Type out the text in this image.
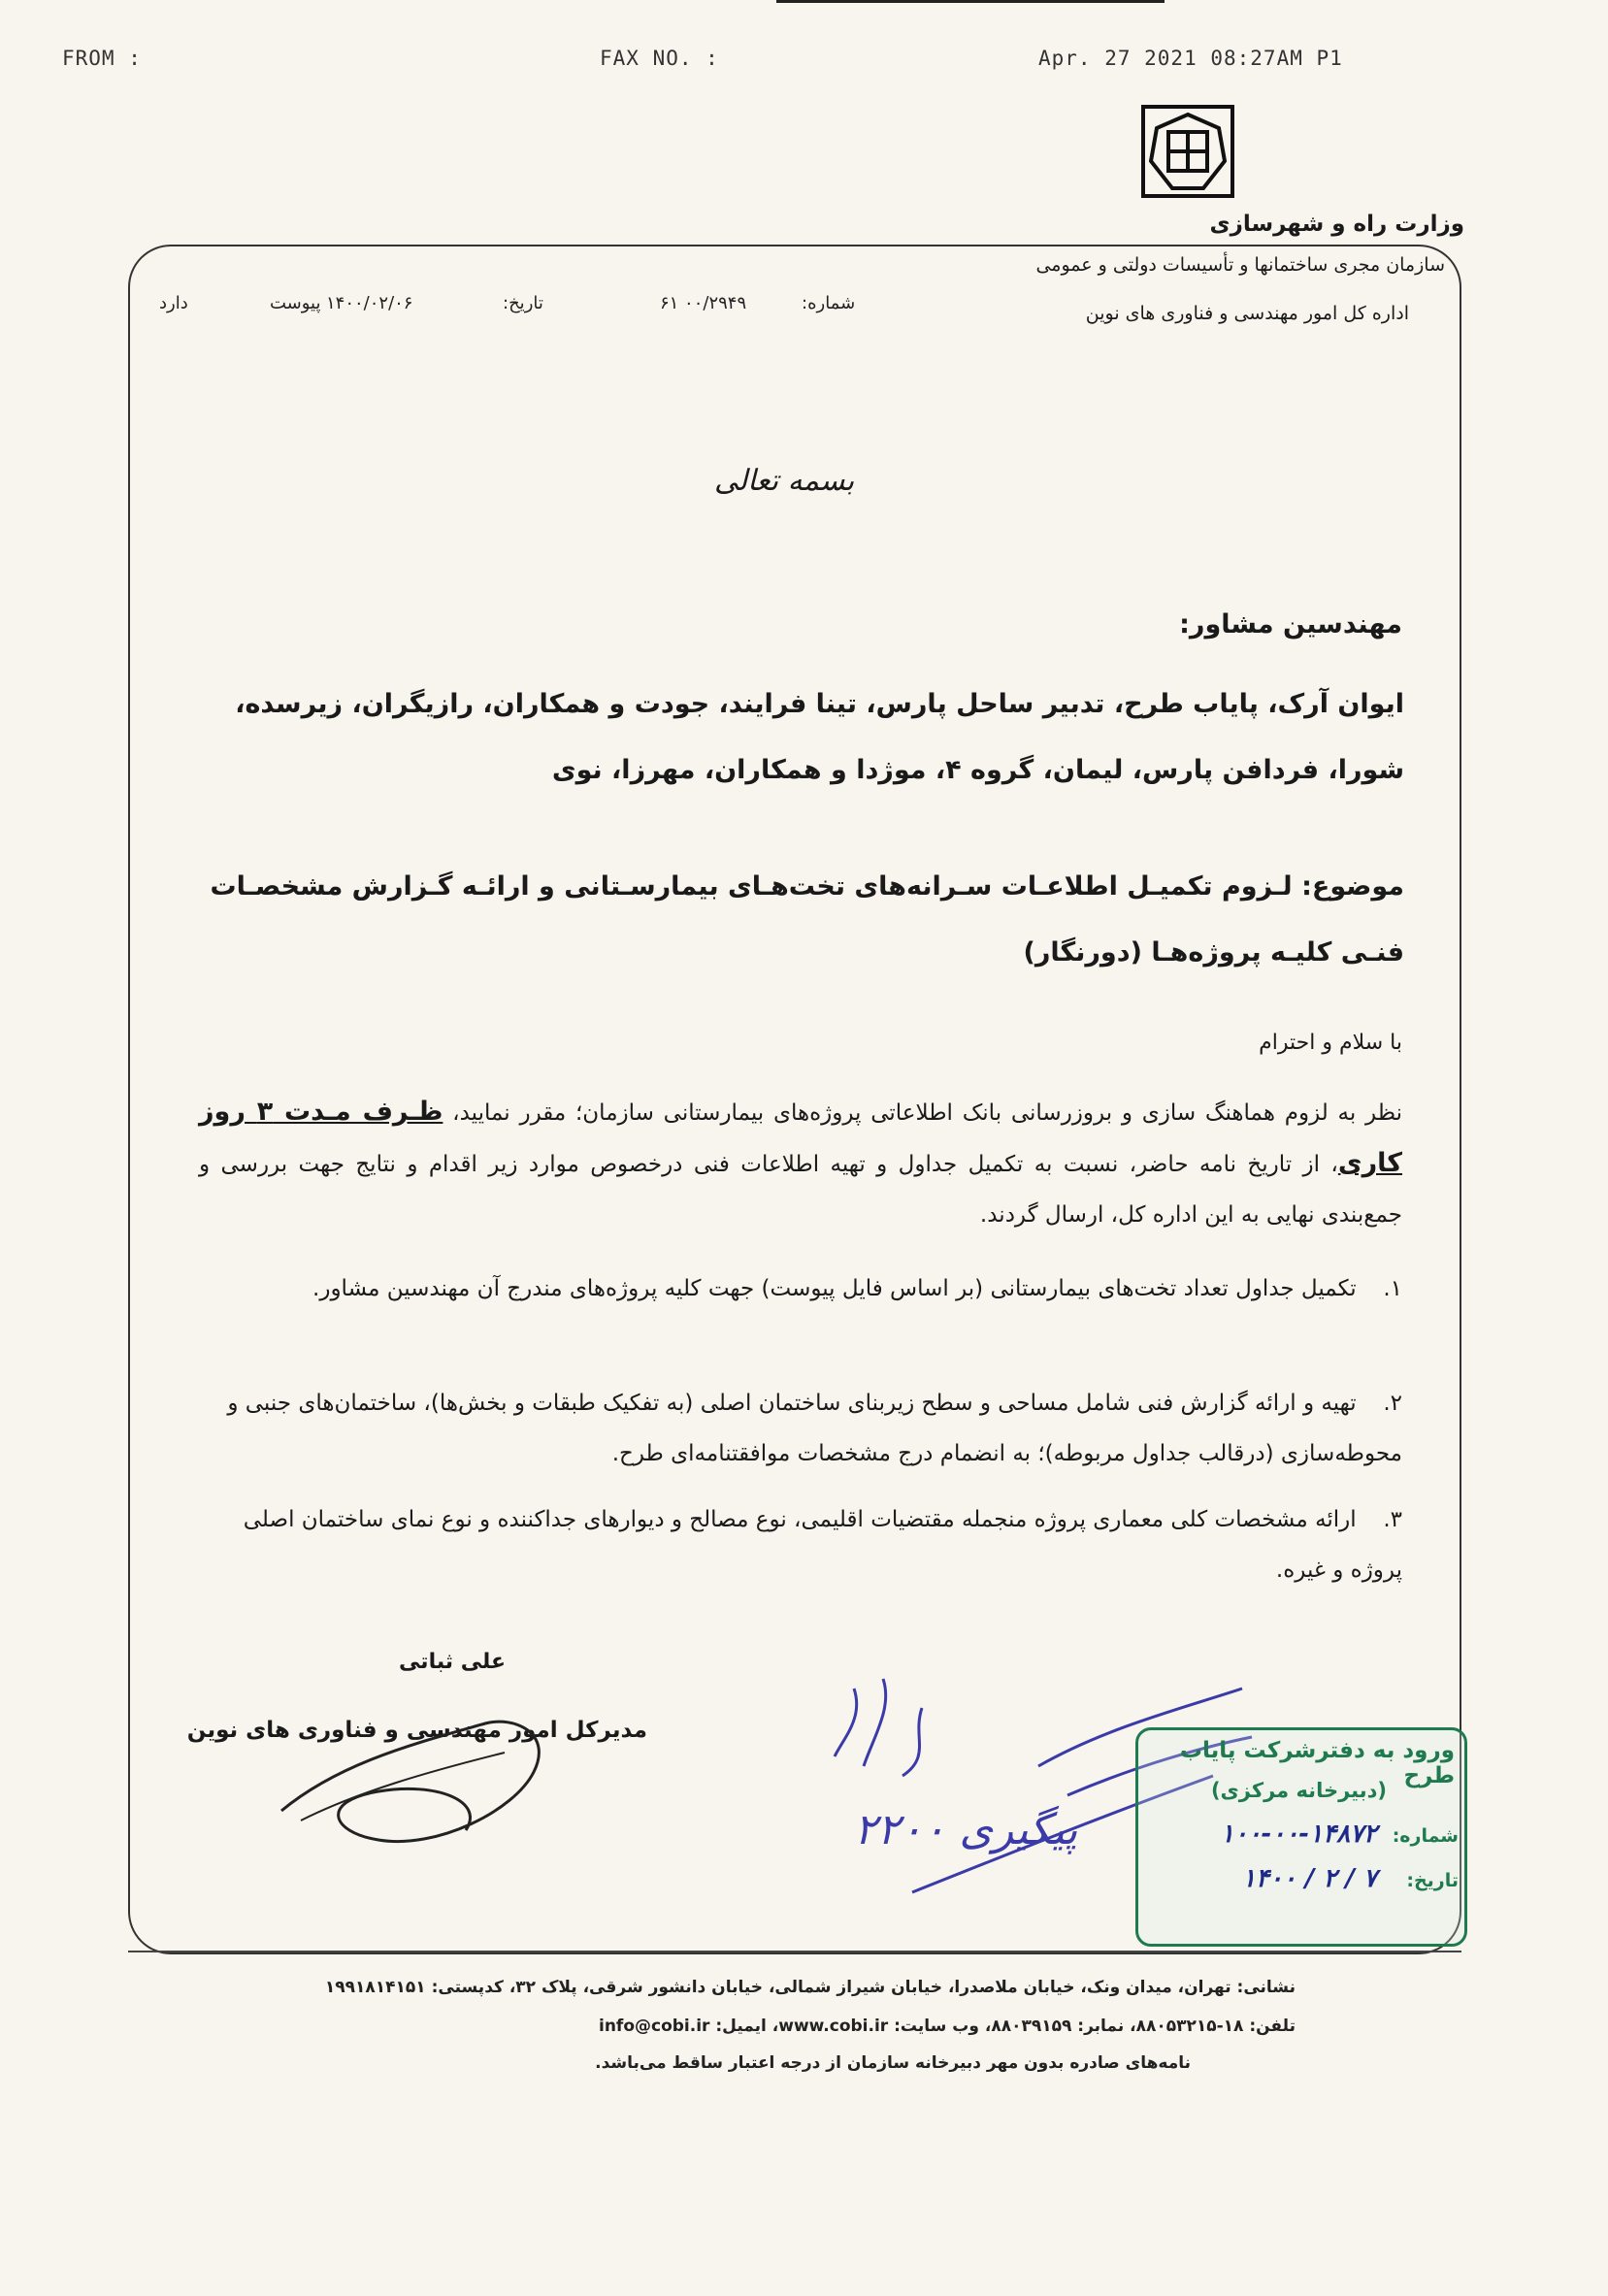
FROM :	FAX NO. :	Apr. 27 2021 08:27AM P1
وزارت راه و شهرسازی
سازمان مجری ساختمانها و تأسیسات دولتی و عمومی
اداره کل امور مهندسی و فناوری های نوین
شماره:
۶۱ ۰۰/۲۹۴۹
تاریخ:
۱۴۰۰/۰۲/۰۶
پیوست
دارد
بسمه تعالی
مهندسین مشاور:
ایوان آرک، پایاب طرح، تدبیر ساحل پارس، تینا فرایند، جودت و همکاران، رازیگران، زیرسده، شورا، فردافن پارس، لیمان، گروه ۴، موژدا و همکاران، مهرزا، نوی
موضوع: لـزوم تکمیـل اطلاعـات سـرانه‌های تخت‌هـای بیمارسـتانی و ارائـه گـزارش مشخصـات فنـی کلیـه پروژه‌هـا (دورنگار)
با سلام و احترام
نظر به لزوم هماهنگ سازی و بروزرسانی بانک اطلاعاتی پروژه‌های بیمارستانی سازمان؛ مقرر نمایید، ظـرف مـدت ۳ روز کاری، از تاریخ نامه حاضر، نسبت به تکمیل جداول و تهیه اطلاعات فنی درخصوص موارد زیر اقدام و نتایج جهت بررسی و جمع‌بندی نهایی به این اداره کل، ارسال گردند.
۱. تکمیل جداول تعداد تخت‌های بیمارستانی (بر اساس فایل پیوست) جهت کلیه پروژه‌های مندرج آن مهندسین مشاور.
۲. تهیه و ارائه گزارش فنی شامل مساحی و سطح زیربنای ساختمان اصلی (به تفکیک طبقات و بخش‌ها)، ساختمان‌های جنبی و محوطه‌سازی (درقالب جداول مربوطه)؛ به انضمام درج مشخصات موافقتنامه‌ای طرح.
۳. ارائه مشخصات کلی معماری پروژه منجمله مقتضیات اقلیمی، نوع مصالح و دیوارهای جداکننده و نوع نمای ساختمان اصلی پروژه و غیره.
علی ثباتی
مدیرکل امور مهندسی و فناوری های نوین
پیگیری ۲۲۰۰
ورود به دفترشرکت پایاب طرح
(دبیرخانه مرکزی)
شماره:
۱۰۰-۰۰-۱۴۸۷۲
تاریخ:
۱۴۰۰ / ۲ / ۷
نشانی: تهران، میدان ونک، خیابان ملاصدرا، خیابان شیراز شمالی، خیابان دانشور شرقی، پلاک ۳۲، کدپستی: ۱۹۹۱۸۱۴۱۵۱
تلفن: ۱۸-۸۸۰۵۳۲۱۵، نمابر: ۸۸۰۳۹۱۵۹، وب سایت: www.cobi.ir، ایمیل: info@cobi.ir
نامه‌های صادره بدون مهر دبیرخانه سازمان از درجه اعتبار ساقط می‌باشد.
